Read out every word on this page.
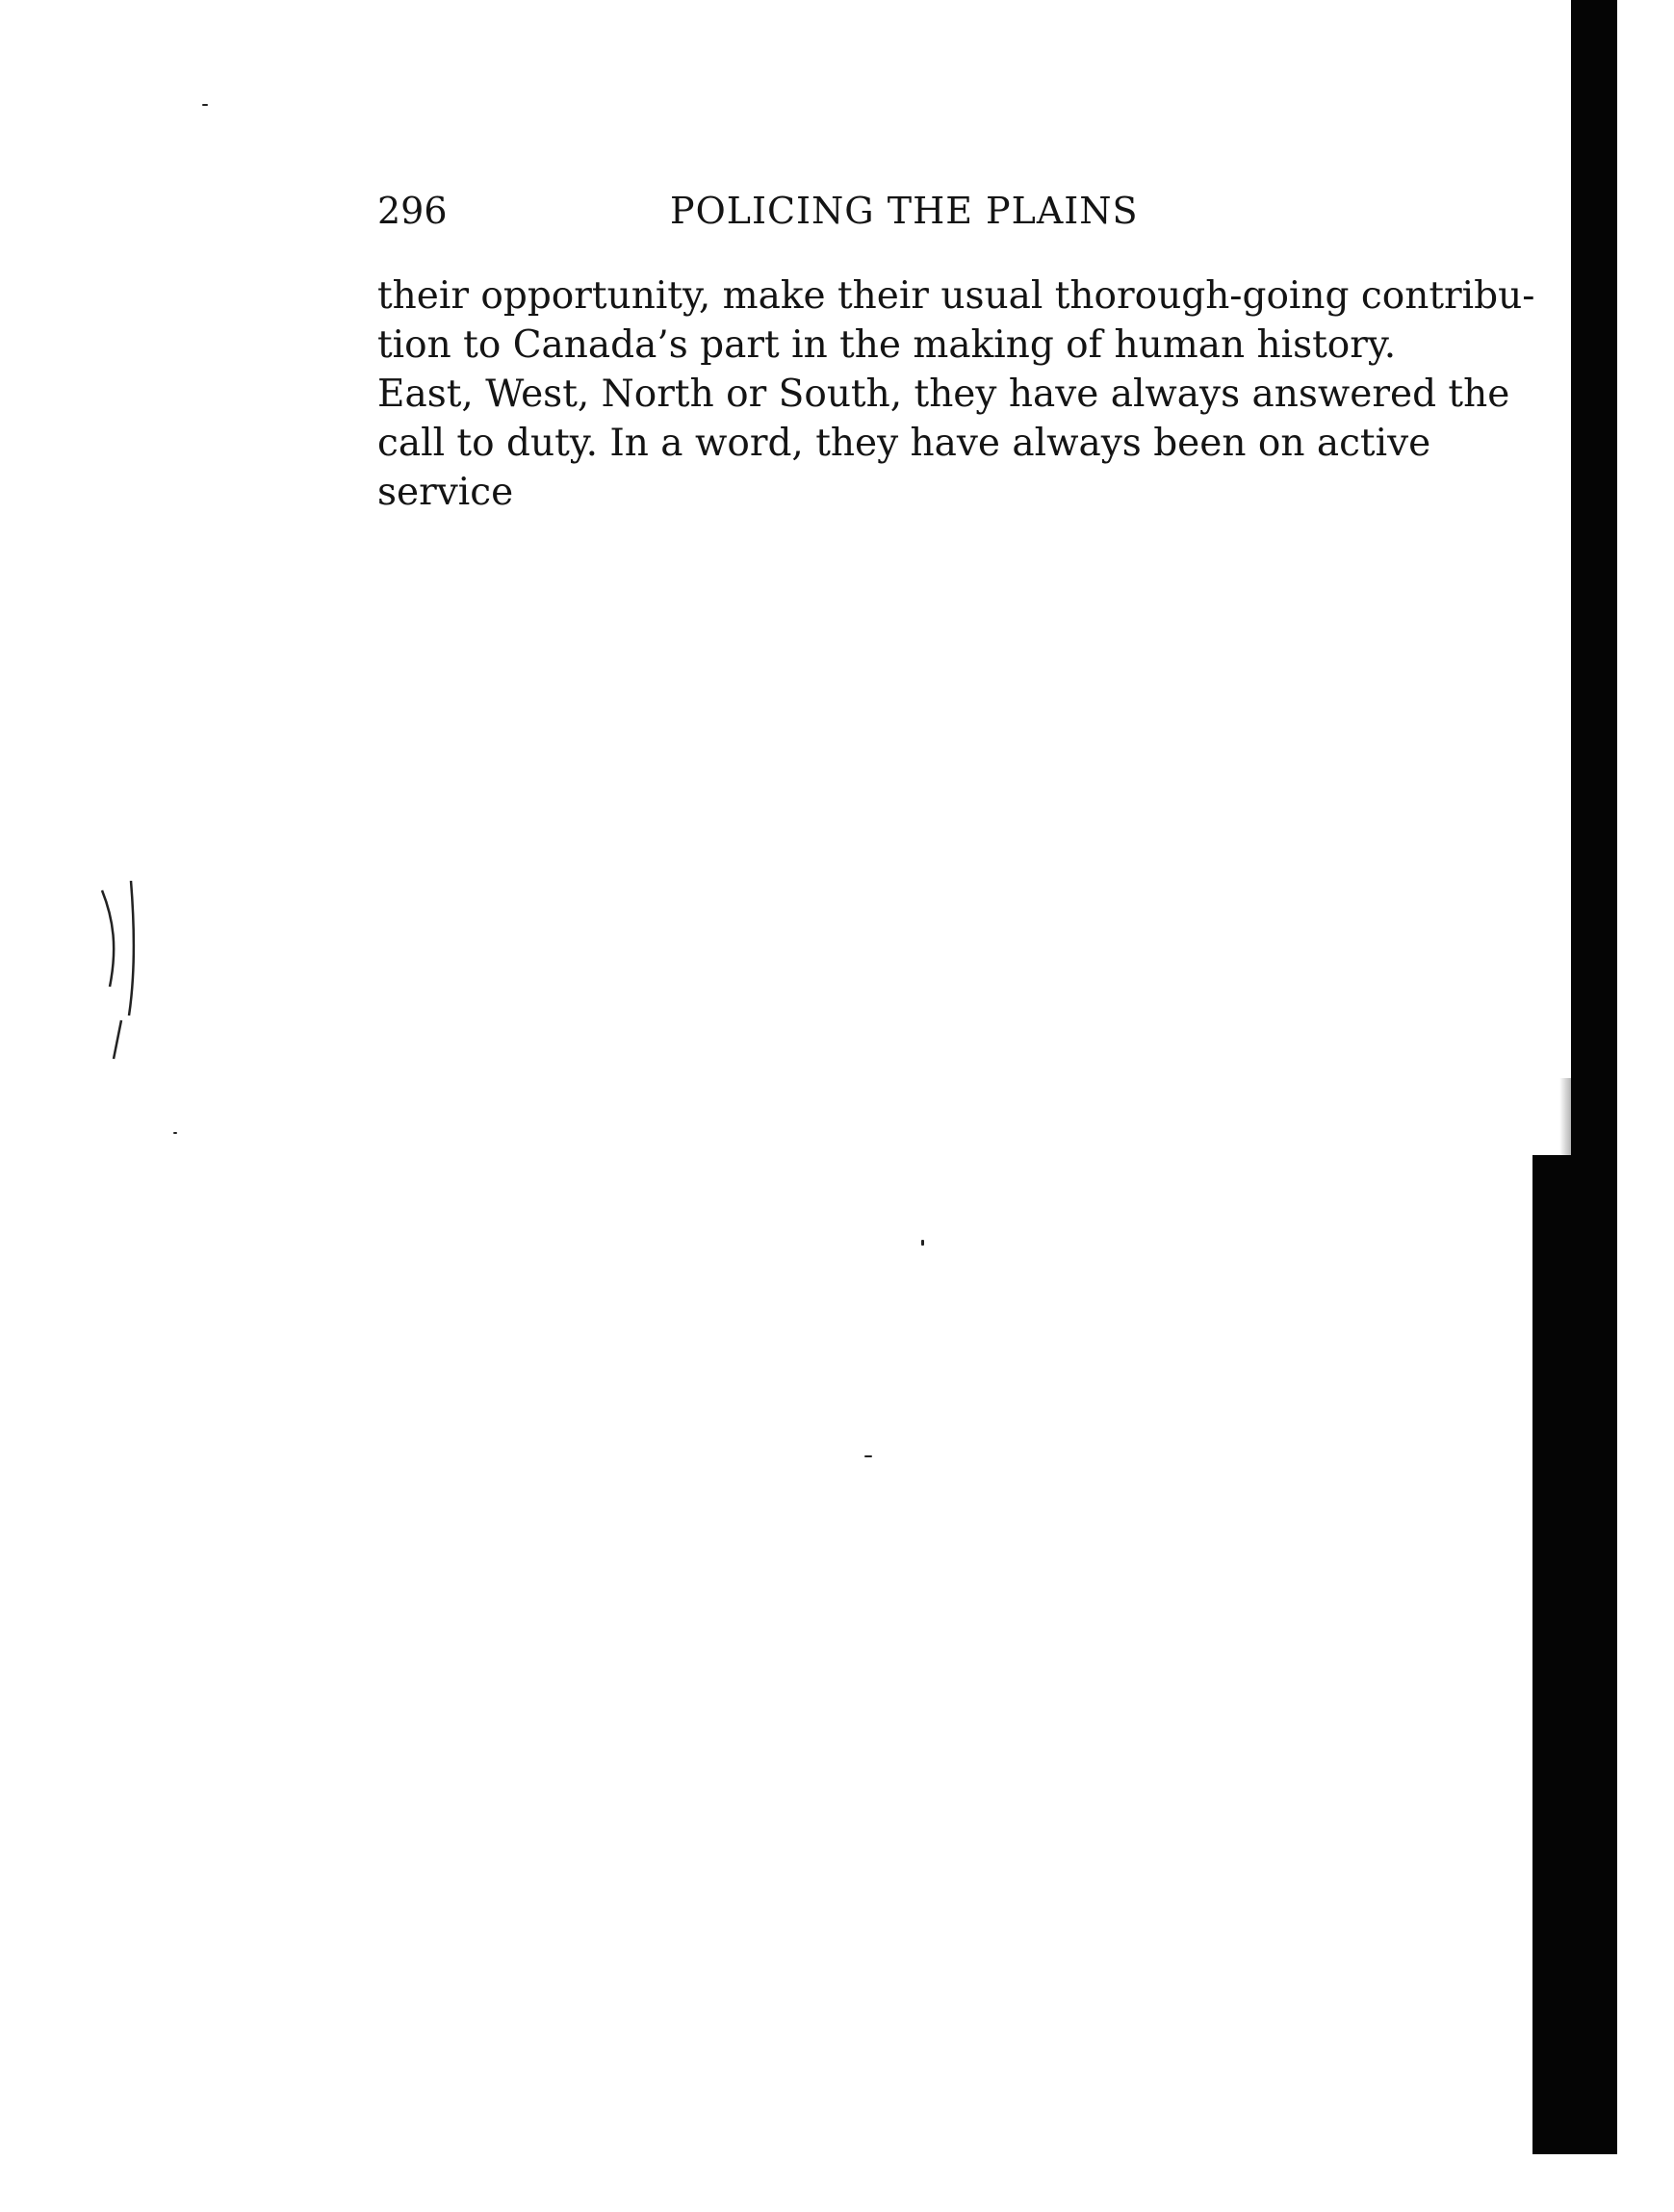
296	POLICING THE PLAINS
their opportunity, make their usual thorough-going contribu-
tion to Canada’s part in the making of human history.
East, West, North or South, they have always answered the
call to duty. In a word, they have always been on active
service
